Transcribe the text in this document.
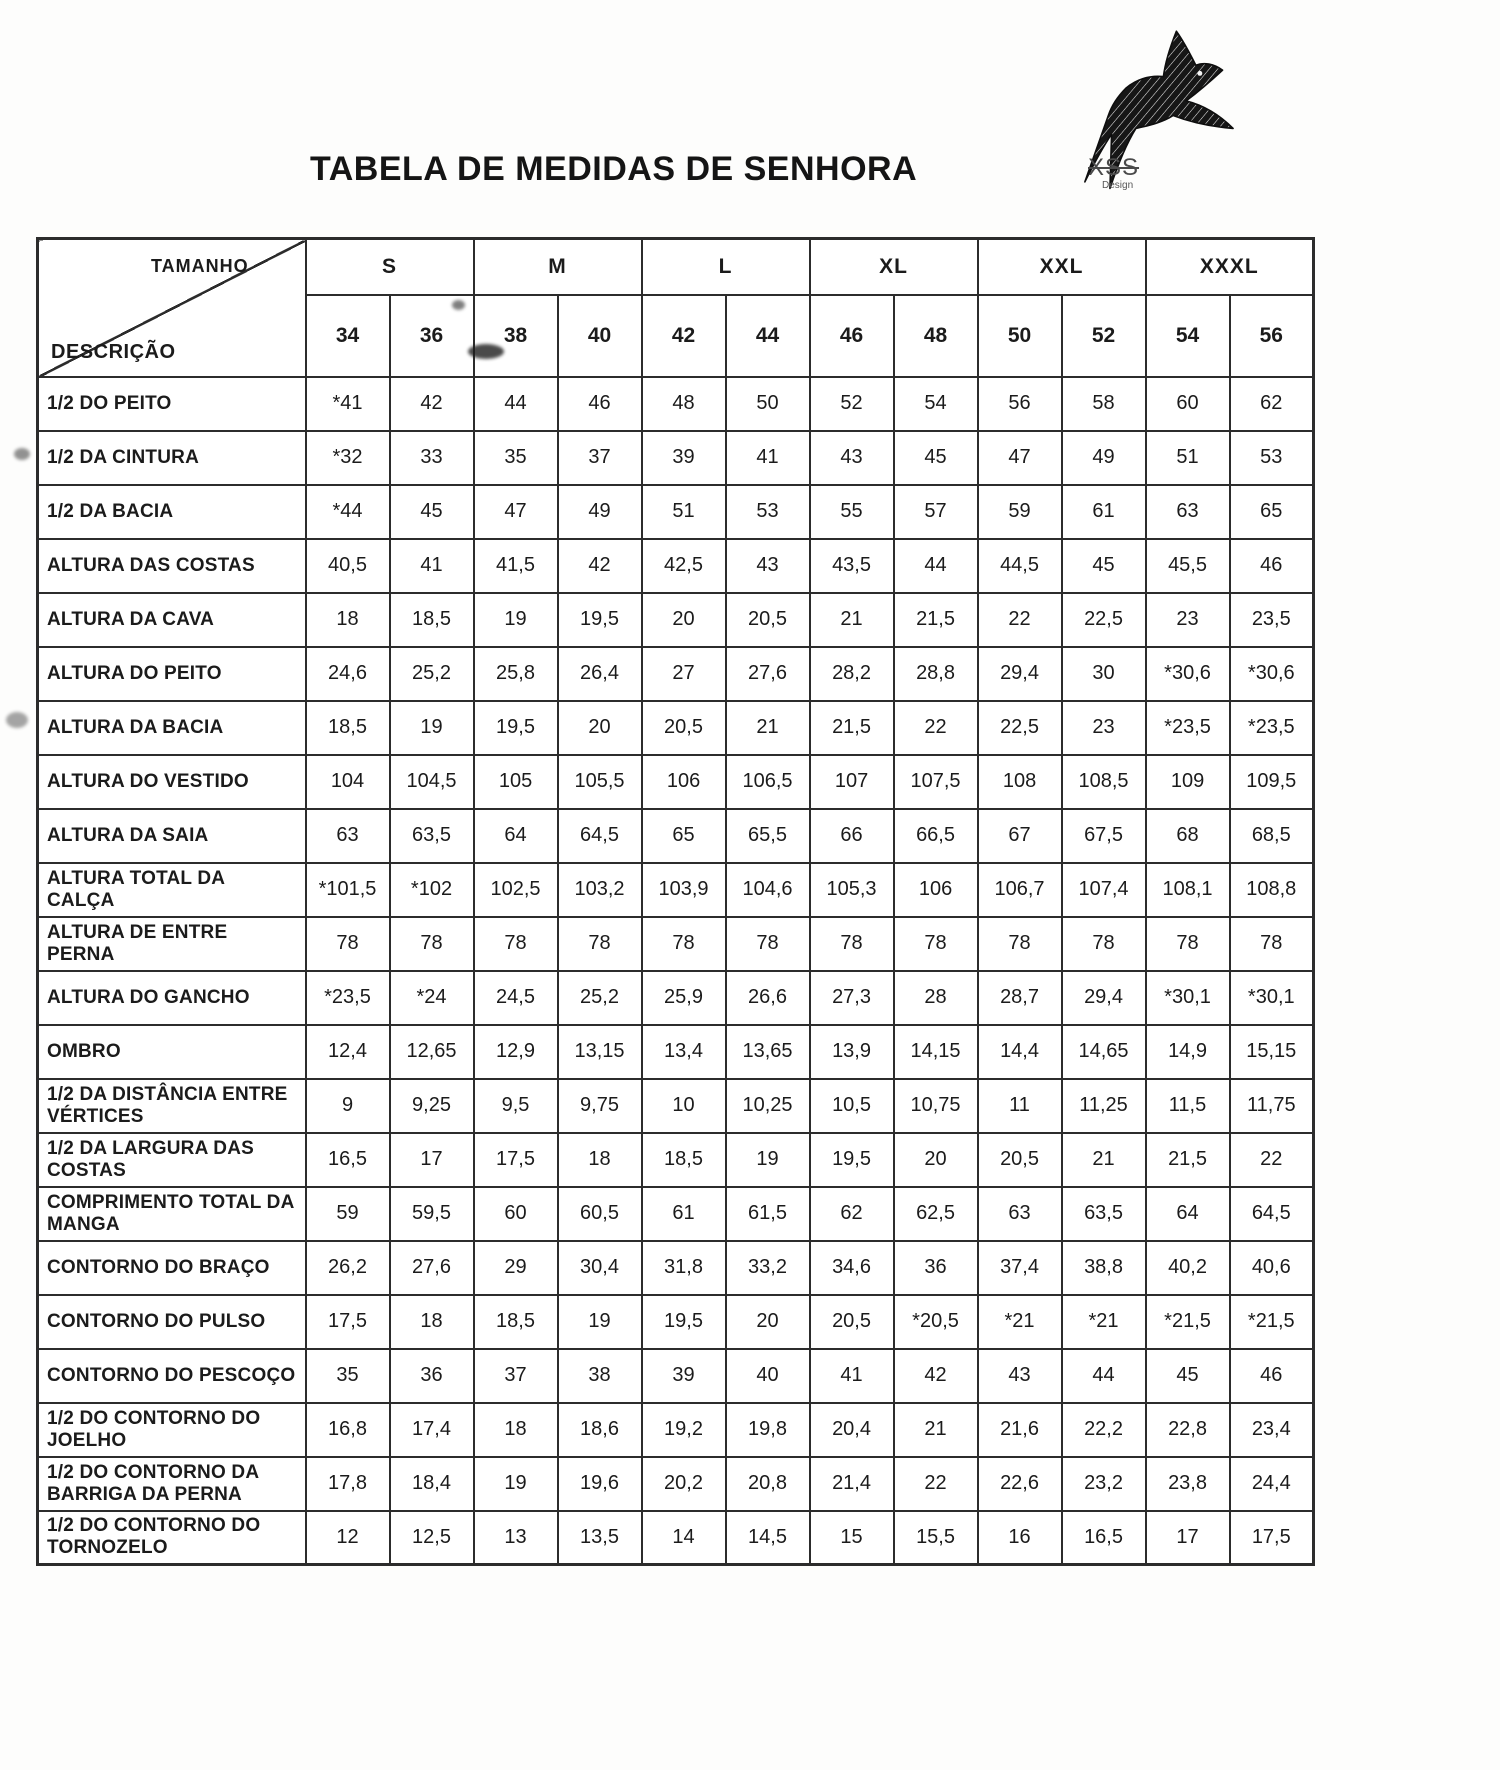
TABELA DE MEDIDAS DE SENHORA	XSS
Design
TAMANHO
DESCRIÇÃO	S		M		L		XL		XXL		XXXL	
	34	36	38	40	42	44	46	48	50	52	54	56
1/2 DO PEITO	*41	42	44	46	48	50	52	54	56	58	60	62
1/2 DA CINTURA	*32	33	35	37	39	41	43	45	47	49	51	53
1/2 DA BACIA	*44	45	47	49	51	53	55	57	59	61	63	65
ALTURA DAS COSTAS	40,5	41	41,5	42	42,5	43	43,5	44	44,5	45	45,5	46
ALTURA DA CAVA	18	18,5	19	19,5	20	20,5	21	21,5	22	22,5	23	23,5
ALTURA DO PEITO	24,6	25,2	25,8	26,4	27	27,6	28,2	28,8	29,4	30	*30,6	*30,6
ALTURA DA BACIA	18,5	19	19,5	20	20,5	21	21,5	22	22,5	23	*23,5	*23,5
ALTURA DO VESTIDO	104	104,5	105	105,5	106	106,5	107	107,5	108	108,5	109	109,5
ALTURA DA SAIA	63	63,5	64	64,5	65	65,5	66	66,5	67	67,5	68	68,5
ALTURA TOTAL DA CALÇA	*101,5	*102	102,5	103,2	103,9	104,6	105,3	106	106,7	107,4	108,1	108,8
ALTURA DE ENTRE PERNA	78	78	78	78	78	78	78	78	78	78	78	78
ALTURA DO GANCHO	*23,5	*24	24,5	25,2	25,9	26,6	27,3	28	28,7	29,4	*30,1	*30,1
OMBRO	12,4	12,65	12,9	13,15	13,4	13,65	13,9	14,15	14,4	14,65	14,9	15,15
1/2 DA DISTÂNCIA ENTRE VÉRTICES	9	9,25	9,5	9,75	10	10,25	10,5	10,75	11	11,25	11,5	11,75
1/2 DA LARGURA DAS COSTAS	16,5	17	17,5	18	18,5	19	19,5	20	20,5	21	21,5	22
COMPRIMENTO TOTAL DA MANGA	59	59,5	60	60,5	61	61,5	62	62,5	63	63,5	64	64,5
CONTORNO DO BRAÇO	26,2	27,6	29	30,4	31,8	33,2	34,6	36	37,4	38,8	40,2	40,6
CONTORNO DO PULSO	17,5	18	18,5	19	19,5	20	20,5	*20,5	*21	*21	*21,5	*21,5
CONTORNO DO PESCOÇO	35	36	37	38	39	40	41	42	43	44	45	46
1/2 DO CONTORNO DO JOELHO	16,8	17,4	18	18,6	19,2	19,8	20,4	21	21,6	22,2	22,8	23,4
1/2 DO CONTORNO DA BARRIGA DA PERNA	17,8	18,4	19	19,6	20,2	20,8	21,4	22	22,6	23,2	23,8	24,4
1/2 DO CONTORNO DO TORNOZELO	12	12,5	13	13,5	14	14,5	15	15,5	16	16,5	17	17,5
